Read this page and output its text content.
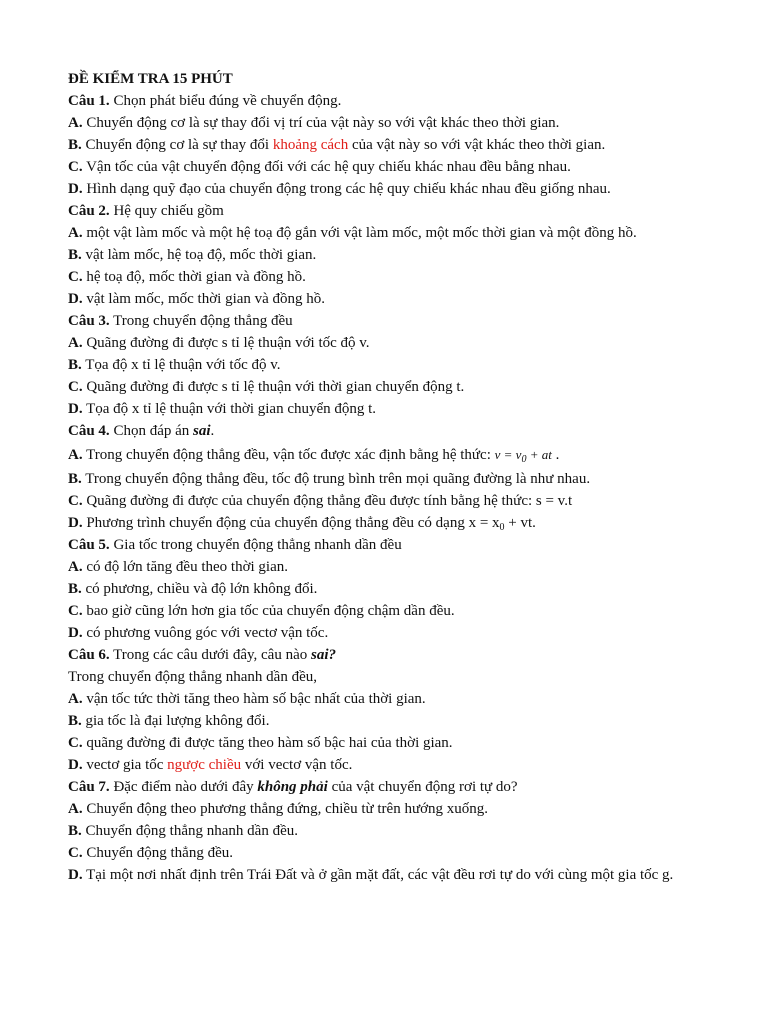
ĐỀ KIỂM TRA 15 PHÚT
Câu 1. Chọn phát biểu đúng về chuyển động.
A. Chuyển động cơ là sự thay đổi vị trí của vật này so với vật khác theo thời gian.
B. Chuyển động cơ là sự thay đổi khoảng cách của vật này so với vật khác theo thời gian.
C. Vận tốc của vật chuyển động đối với các hệ quy chiếu khác nhau đều bằng nhau.
D. Hình dạng quỹ đạo của chuyển động trong các hệ quy chiếu khác nhau đều giống nhau.
Câu 2. Hệ quy chiếu gồm
A. một vật làm mốc và một hệ toạ độ gắn với vật làm mốc, một mốc thời gian và một đồng hồ.
B. vật làm mốc, hệ toạ độ, mốc thời gian.
C. hệ toạ độ, mốc thời gian và đồng hồ.
D. vật làm mốc, mốc thời gian và đồng hồ.
Câu 3. Trong chuyển động thẳng đều
A. Quãng đường đi được s tỉ lệ thuận với tốc độ v.
B. Tọa độ x tỉ lệ thuận với tốc độ v.
C. Quãng đường đi được s tỉ lệ thuận với thời gian chuyển động t.
D. Tọa độ x tỉ lệ thuận với thời gian chuyển động t.
Câu 4. Chọn đáp án sai.
A. Trong chuyển động thẳng đều, vận tốc được xác định bằng hệ thức: $v = v_0$ + at .
B. Trong chuyển động thẳng đều, tốc độ trung bình trên mọi quãng đường là như nhau.
C. Quãng đường đi được của chuyển động thẳng đều được tính bằng hệ thức: s = v.t
D. Phương trình chuyển động của chuyển động thẳng đều có dạng $x = x_0$ + vt.
Câu 5. Gia tốc trong chuyển động thẳng nhanh dần đều
A. có độ lớn tăng đều theo thời gian.
B. có phương, chiều và độ lớn không đổi.
C. bao giờ cũng lớn hơn gia tốc của chuyển động chậm dần đều.
D. có phương vuông góc với vectơ vận tốc.
Câu 6. Trong các câu dưới đây, câu nào sai?
Trong chuyển động thẳng nhanh dần đều,
A. vận tốc tức thời tăng theo hàm số bậc nhất của thời gian.
B. gia tốc là đại lượng không đổi.
C. quãng đường đi được tăng theo hàm số bậc hai của thời gian.
D. vectơ gia tốc ngược chiều với vectơ vận tốc.
Câu 7. Đặc điểm nào dưới đây không phải của vật chuyển động rơi tự do?
A. Chuyển động theo phương thẳng đứng, chiều từ trên hướng xuống.
B. Chuyển động thẳng nhanh dần đều.
C. Chuyển động thẳng đều.
D. Tại một nơi nhất định trên Trái Đất và ở gần mặt đất, các vật đều rơi tự do với cùng một gia tốc g.
